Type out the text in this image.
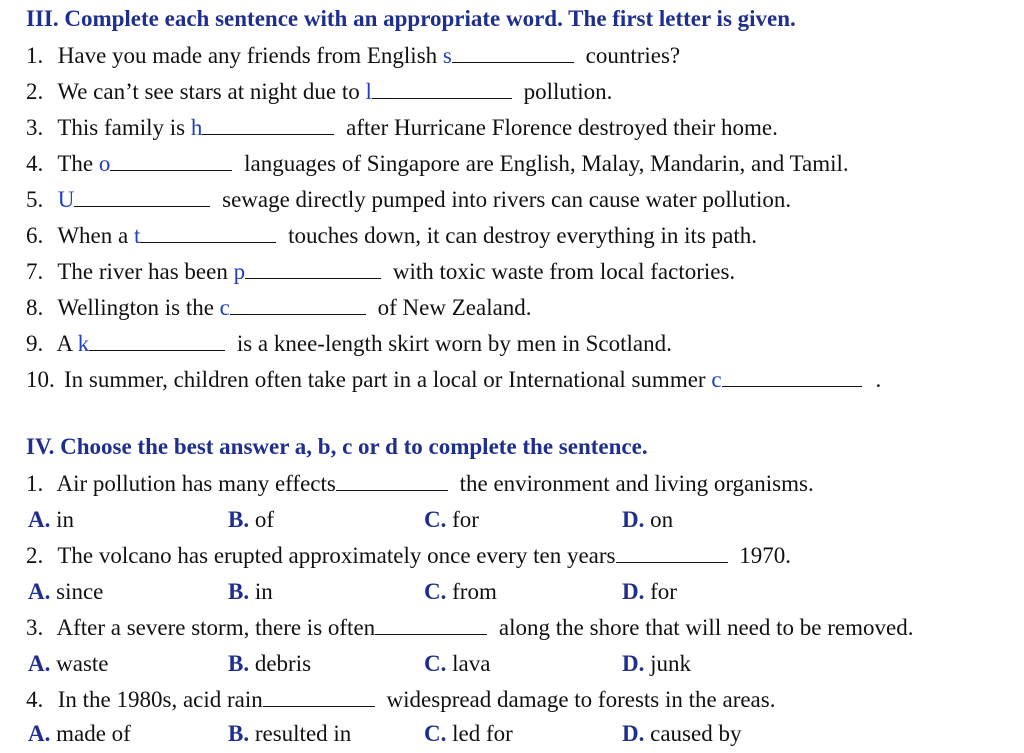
III. Complete each sentence with an appropriate word. The first letter is given.
1. Have you made any friends from English s	countries?
2. We can’t see stars at night due to l	pollution.
3. This family is h	after Hurricane Florence destroyed their home.
4. The o	languages of Singapore are English, Malay, Mandarin, and Tamil.
5. U	sewage directly pumped into rivers can cause water pollution.
6. When a t	touches down, it can destroy everything in its path.
7. The river has been p	with toxic waste from local factories.
8. Wellington is the c	of New Zealand.
9. A k	is a knee-length skirt worn by men in Scotland.
10. In summer, children often take part in a local or International summer c	.
IV. Choose the best answer a, b, c or d to complete the sentence.
1. Air pollution has many effects	the environment and living organisms.
A. in	B. of	C. for	D. on
2. The volcano has erupted approximately once every ten years	1970.
A. since	B. in	C. from	D. for
3. After a severe storm, there is often	along the shore that will need to be removed.
A. waste	B. debris	C. lava	D. junk
4. In the 1980s, acid rain	widespread damage to forests in the areas.
A. made of	B. resulted in	C. led for	D. caused by
